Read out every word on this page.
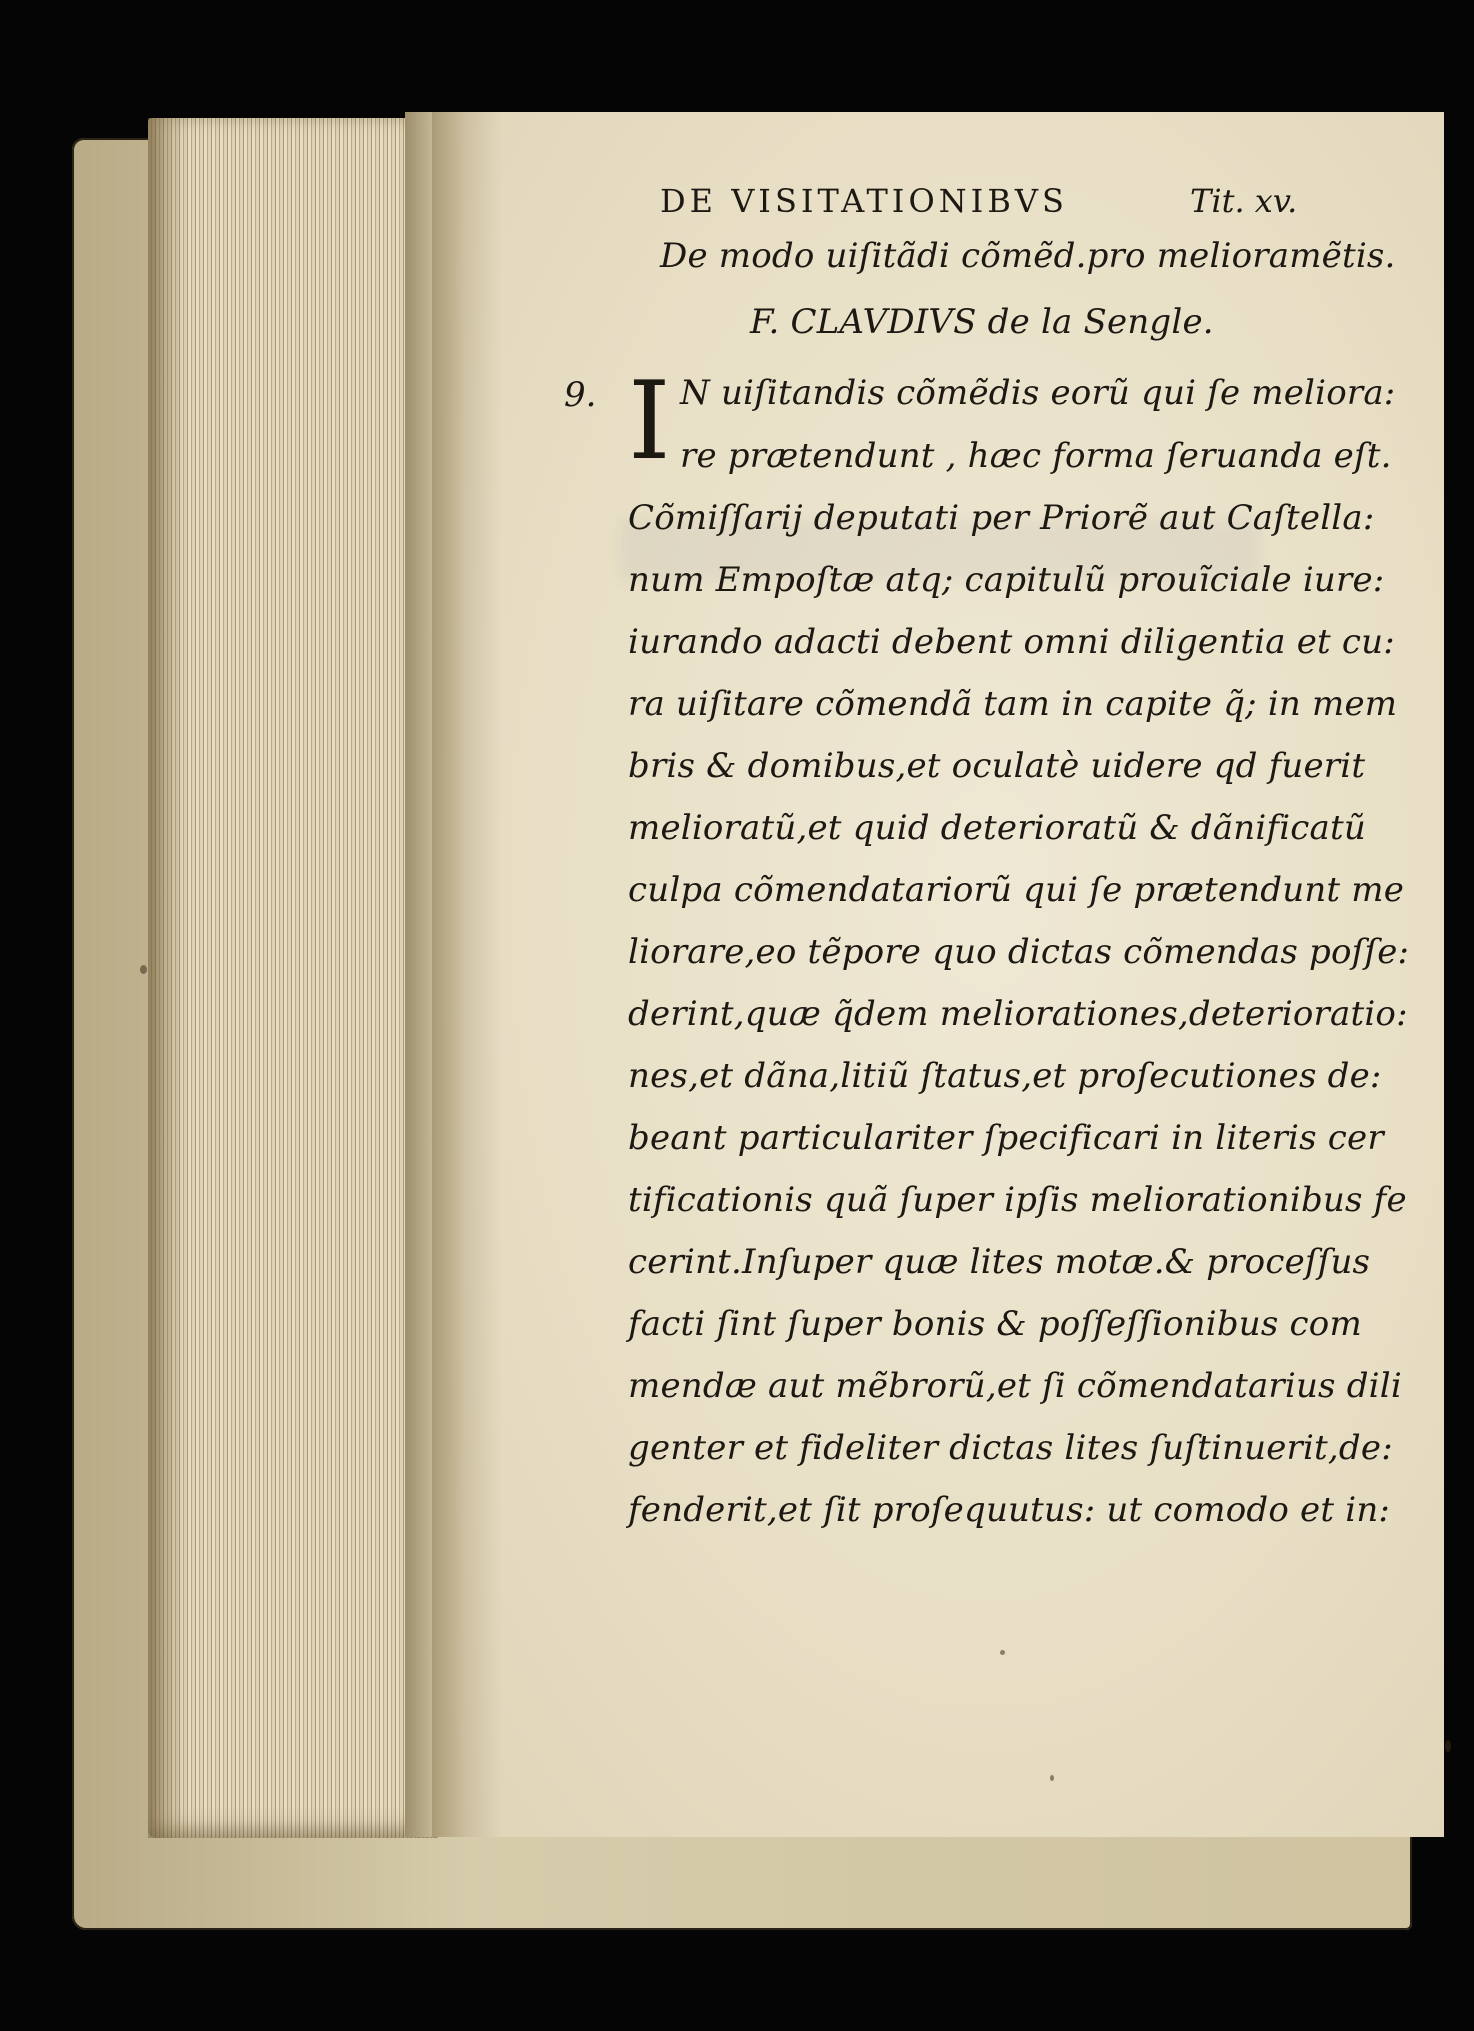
DE VISITATIONIBVS	Tit. xv.
De modo uiſitãdi cõmẽd.pro melioramẽtis.
F. CLAVDIVS de la Sengle.
9. I N uiſitandis cõmẽdis eorũ qui ſe meliora:
re prætendunt , hæc forma ſeruanda eſt.
Cõmiſſarij deputati per Priorẽ aut Caſtella:
num Empoſtæ atq; capitulũ prouĩciale iure:
iurando adacti debent omni diligentia et cu:
ra uiſitare cõmendã tam in capite q̃; in mem
bris & domibus,et oculatè uidere qd fuerit
melioratũ,et quid deterioratũ & dãnificatũ
culpa cõmendatariorũ qui ſe prætendunt me
liorare,eo tẽpore quo dictas cõmendas poſſe:
derint,quæ q̃dem meliorationes,deterioratio:
nes,et dãna,litiũ ſtatus,et proſecutiones de:
beant particulariter ſpecificari in literis cer
tificationis quã ſuper ipſis meliorationibus fe
cerint.Inſuper quæ lites motæ.& proceſſus
facti ſint ſuper bonis & poſſeſſionibus com
mendæ aut mẽbrorũ,et ſi cõmendatarius dili
genter et fideliter dictas lites ſuſtinuerit,de:
fenderit,et ſit proſequutus: ut comodo et in:
